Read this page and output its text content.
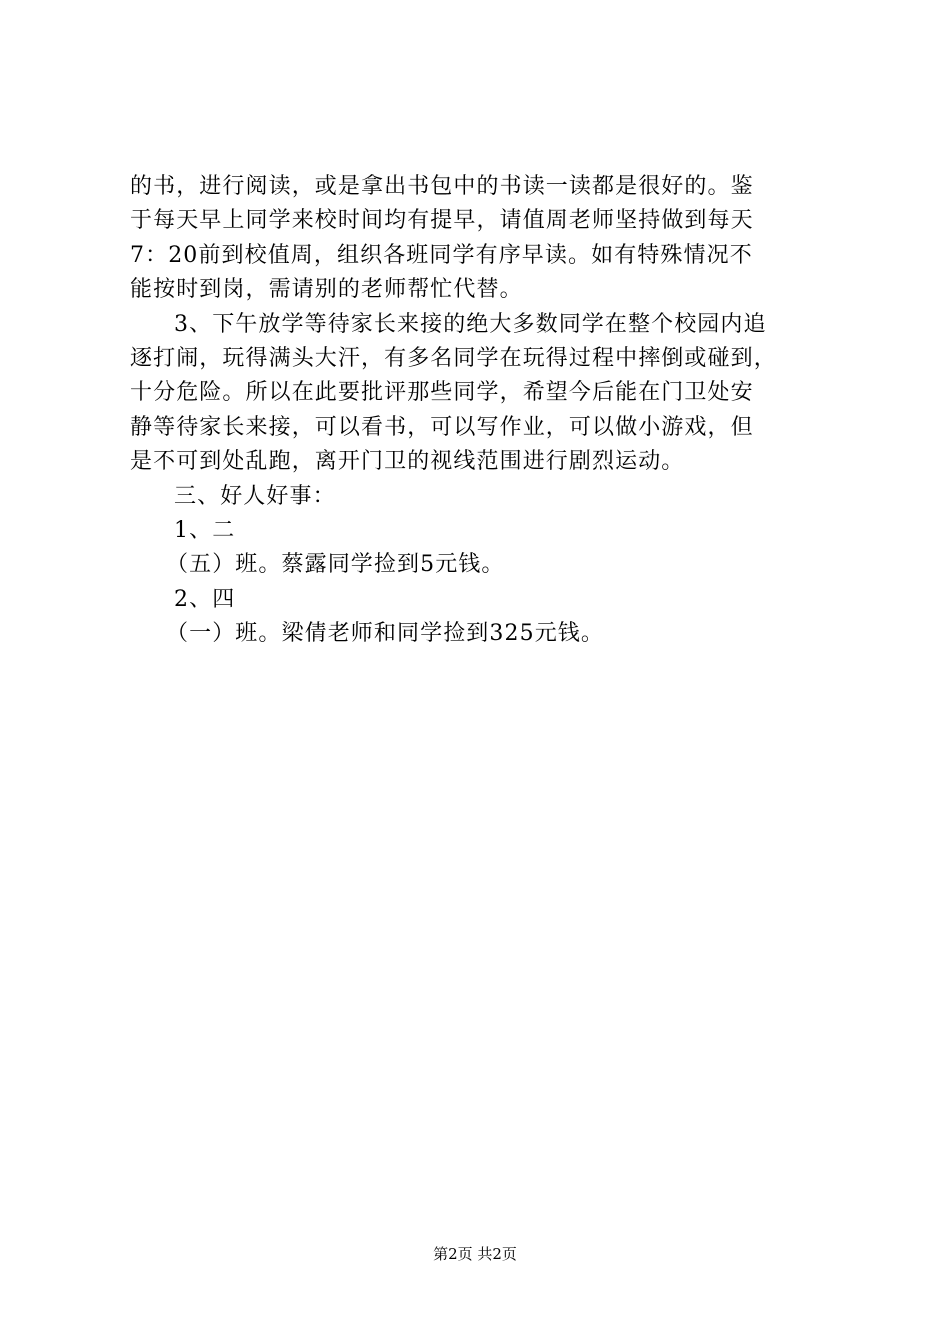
的书，进行阅读，或是拿出书包中的书读一读都是很好的。鉴
于每天早上同学来校时间均有提早，请值周老师坚持做到每天
7：20前到校值周，组织各班同学有序早读。如有特殊情况不
能按时到岗，需请别的老师帮忙代替。
3、下午放学等待家长来接的绝大多数同学在整个校园内追
逐打闹，玩得满头大汗，有多名同学在玩得过程中摔倒或碰到，
十分危险。所以在此要批评那些同学，希望今后能在门卫处安
静等待家长来接，可以看书，可以写作业，可以做小游戏，但
是不可到处乱跑，离开门卫的视线范围进行剧烈运动。
三、好人好事：
1、二
（五）班。蔡露同学捡到5元钱。
2、四
（一）班。梁倩老师和同学捡到325元钱。
第2页 共2页
